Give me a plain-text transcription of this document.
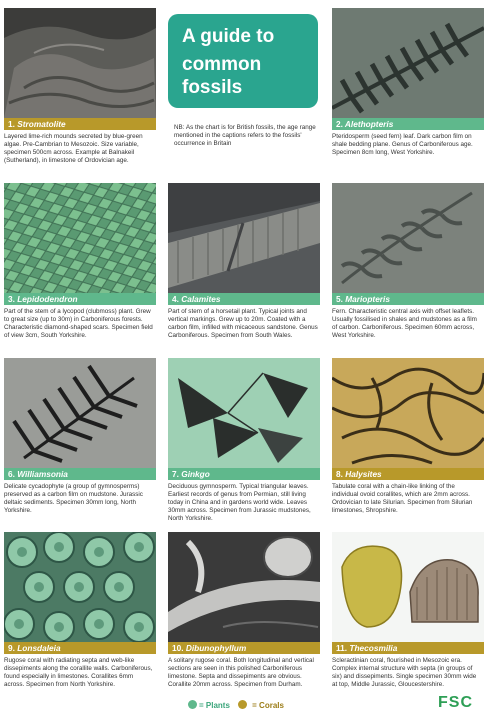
A guide to
common
fossils
NB: As the chart is for British fossils, the age range mentioned in the captions refers to the fossils' occurrence in Britain
1. Stromatolite
Layered lime-rich mounds secreted by blue-green algae. Pre-Cambrian to Mesozoic. Size variable, specimen 500cm across. Example at Balnakeil (Sutherland), in limestone of Ordovician age.
2. Alethopteris
Pteridosperm (seed fern) leaf. Dark carbon film on shale bedding plane. Genus of Carboniferous age. Specimen 8cm long, West Yorkshire.
3. Lepidodendron
Part of the stem of a lycopod (clubmoss) plant. Grew to great size (up to 30m) in Carboniferous forests. Characteristic diamond-shaped scars. Specimen field of view 3cm, South Yorkshire.
4. Calamites
Part of stem of a horsetail plant. Typical joints and vertical markings. Grew up to 20m. Coated with a carbon film, infilled with micaceous sandstone. Genus Carboniferous. Specimen from South Wales.
5. Mariopteris
Fern. Characteristic central axis with offset leaflets. Usually fossilised in shales and mudstones as a film of carbon. Carboniferous. Specimen 60mm across, West Yorkshire.
6. Williamsonia
Delicate cycadophyte (a group of gymnosperms) preserved as a carbon film on mudstone. Jurassic deltaic sediments. Specimen 30mm long, North Yorkshire.
7. Ginkgo
Deciduous gymnosperm. Typical triangular leaves. Earliest records of genus from Permian, still living today in China and in gardens world wide. Leaves 30mm across. Specimen from Jurassic mudstones, North Yorkshire.
8. Halysites
Tabulate coral with a chain-like linking of the individual ovoid corallites, which are 2mm across. Ordovician to late Silurian. Specimen from Silurian limestones, Shropshire.
9. Lonsdaleia
Rugose coral with radiating septa and web-like dissepiments along the corallite walls. Carboniferous, found especially in limestones. Corallites 6mm across. Specimen from North Yorkshire.
10. Dibunophyllum
A solitary rugose coral. Both longitudinal and vertical sections are seen in this polished Carboniferous limestone. Septa and dissepiments are obvious. Corallite 20mm across. Specimen from Durham.
11. Thecosmilia
Scleractinian coral, flourished in Mesozoic era. Complex internal structure with septa (in groups of six) and dissepiments. Single specimen 30mm wide at top, Middle Jurassic, Gloucestershire.
= Plants	= Corals	FSC
